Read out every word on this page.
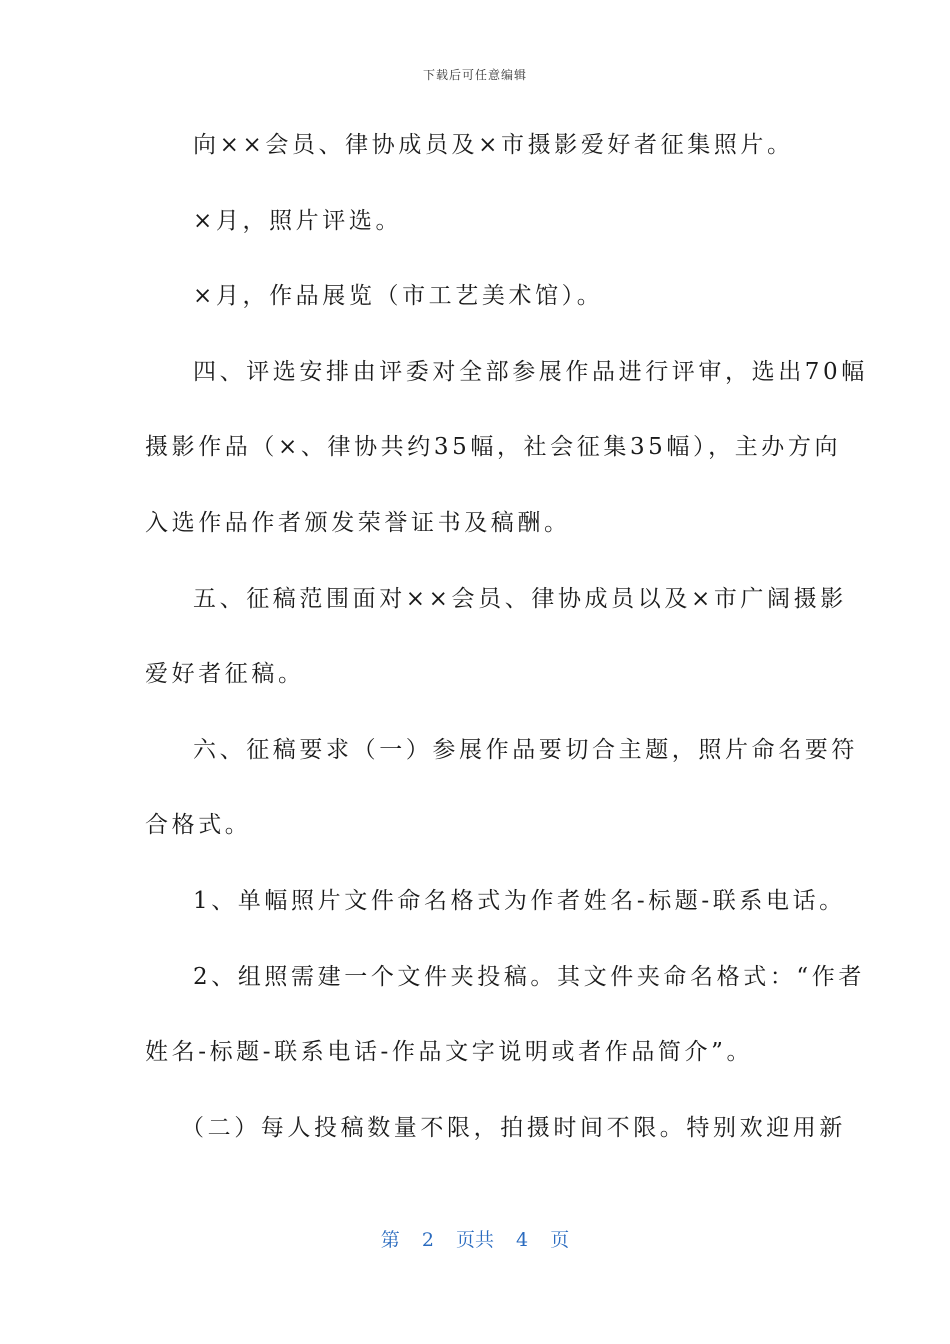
下载后可任意编辑
向××会员、律协成员及×市摄影爱好者征集照片。
×月，照片评选。
×月，作品展览（市工艺美术馆）。
四、评选安排由评委对全部参展作品进行评审，选出70幅
摄影作品（×、律协共约35幅，社会征集35幅），主办方向
入选作品作者颁发荣誉证书及稿酬。
五、征稿范围面对××会员、律协成员以及×市广阔摄影
爱好者征稿。
六、征稿要求（一）参展作品要切合主题，照片命名要符
合格式。
1、单幅照片文件命名格式为作者姓名-标题-联系电话。
2、组照需建一个文件夹投稿。其文件夹命名格式：“作者
姓名-标题-联系电话-作品文字说明或者作品简介”。
（二）每人投稿数量不限，拍摄时间不限。特别欢迎用新
第 2 页共 4 页
